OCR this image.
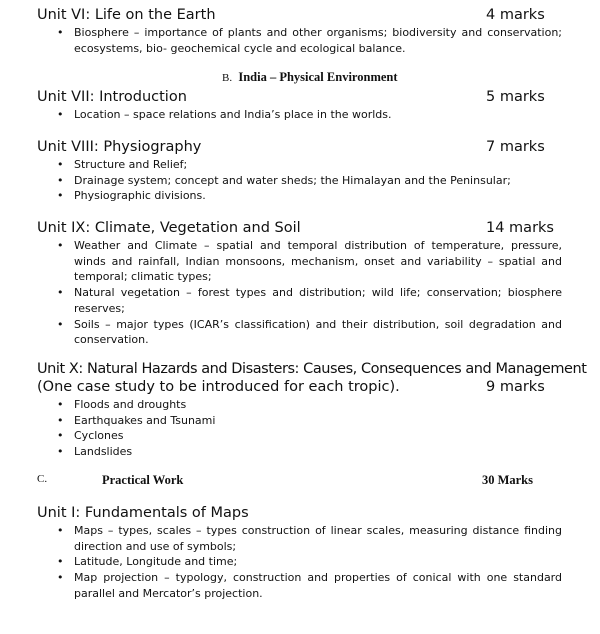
Unit VI: Life on the Earth	4 marks
• Biosphere – importance of plants and other organisms; biodiversity and conservation; ecosystems, bio- geochemical cycle and ecological balance.
B. India – Physical Environment
Unit VII: Introduction	5 marks
• Location – space relations and India’s place in the worlds.
Unit VIII: Physiography	7 marks
• Structure and Relief;
• Drainage system; concept and water sheds; the Himalayan and the Peninsular;
• Physiographic divisions.
Unit IX: Climate, Vegetation and Soil	14 marks
• Weather and Climate – spatial and temporal distribution of temperature, pressure, winds and rainfall, Indian monsoons, mechanism, onset and variability – spatial and temporal; climatic types;
• Natural vegetation – forest types and distribution; wild life; conservation; biosphere reserves;
• Soils – major types (ICAR’s classification) and their distribution, soil degradation and conservation.
Unit X: Natural Hazards and Disasters: Causes, Consequences and Management
(One case study to be introduced for each tropic).	9 marks
• Floods and droughts
• Earthquakes and Tsunami
• Cyclones
• Landslides
C.	Practical Work	30 Marks
Unit I: Fundamentals of Maps
• Maps – types, scales – types construction of linear scales, measuring distance finding direction and use of symbols;
• Latitude, Longitude and time;
• Map projection – typology, construction and properties of conical with one standard parallel and Mercator’s projection.
